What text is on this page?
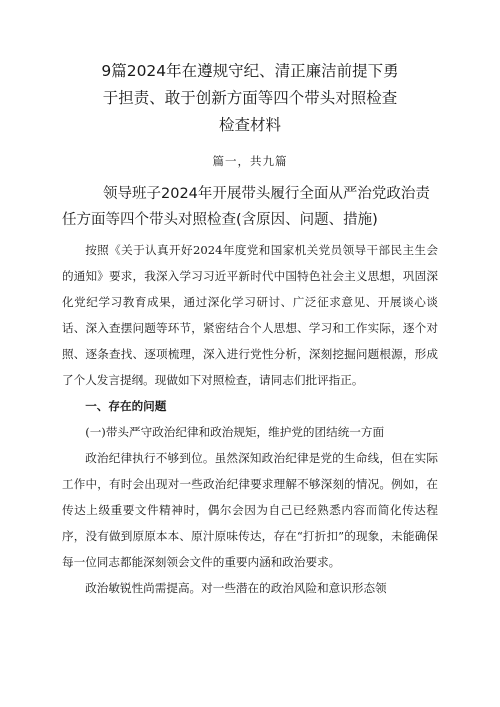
9篇2024年在遵规守纪、清正廉洁前提下勇
于担责、敢于创新方面等四个带头对照检查
检查材料
篇一，共九篇
领导班子2024年开展带头履行全面从严治党政治责
任方面等四个带头对照检查(含原因、问题、措施)

按照《关于认真开好2024年度党和国家机关党员领导干部民主生会的通知》要求，我深入学习习近平新时代中国特色社会主义思想，巩固深化党纪学习教育成果，通过深化学习研讨、广泛征求意见、开展谈心谈话、深入查摆问题等环节，紧密结合个人思想、学习和工作实际，逐个对照、逐条查找、逐项梳理，深入进行党性分析，深刻挖掘问题根源，形成了个人发言提纲。现做如下对照检查，请同志们批评指正。

一、存在的问题

(一)带头严守政治纪律和政治规矩，维护党的团结统一方面

政治纪律执行不够到位。虽然深知政治纪律是党的生命线，但在实际工作中，有时会出现对一些政治纪律要求理解不够深刻的情况。例如，在传达上级重要文件精神时，偶尔会因为自己已经熟悉内容而简化传达程序，没有做到原原本本、原汁原味传达，存在“打折扣”的现象，未能确保每一位同志都能深刻领会文件的重要内涵和政治要求。

政治敏锐性尚需提高。对一些潜在的政治风险和意识形态领
